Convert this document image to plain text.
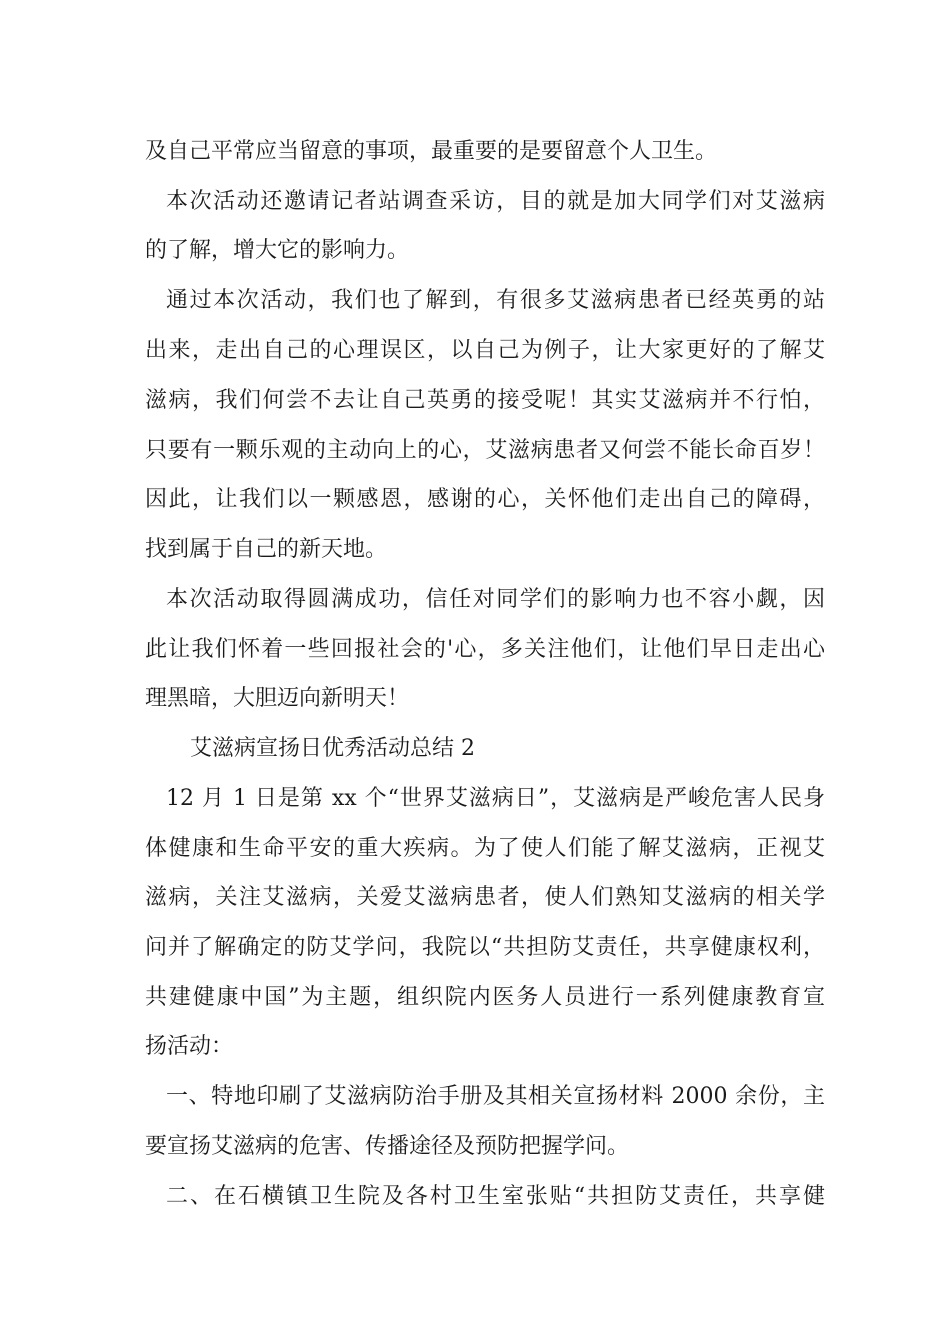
及自己平常应当留意的事项，最重要的是要留意个人卫生。
本次活动还邀请记者站调查采访，目的就是加大同学们对艾滋病
的了解，增大它的影响力。
通过本次活动，我们也了解到，有很多艾滋病患者已经英勇的站
出来，走出自己的心理误区，以自己为例子，让大家更好的了解艾
滋病，我们何尝不去让自己英勇的接受呢！其实艾滋病并不行怕，
只要有一颗乐观的主动向上的心，艾滋病患者又何尝不能长命百岁！
因此，让我们以一颗感恩，感谢的心，关怀他们走出自己的障碍，
找到属于自己的新天地。
本次活动取得圆满成功，信任对同学们的影响力也不容小觑，因
此让我们怀着一些回报社会的'心，多关注他们，让他们早日走出心
理黑暗，大胆迈向新明天！
艾滋病宣扬日优秀活动总结 2
12 月 1 日是第 xx 个“世界艾滋病日”，艾滋病是严峻危害人民身
体健康和生命平安的重大疾病。为了使人们能了解艾滋病，正视艾
滋病，关注艾滋病，关爱艾滋病患者，使人们熟知艾滋病的相关学
问并了解确定的防艾学问，我院以“共担防艾责任，共享健康权利，
共建健康中国”为主题，组织院内医务人员进行一系列健康教育宣
扬活动：
一、特地印刷了艾滋病防治手册及其相关宣扬材料 2000 余份，主
要宣扬艾滋病的危害、传播途径及预防把握学问。
二、在石横镇卫生院及各村卫生室张贴“共担防艾责任，共享健
